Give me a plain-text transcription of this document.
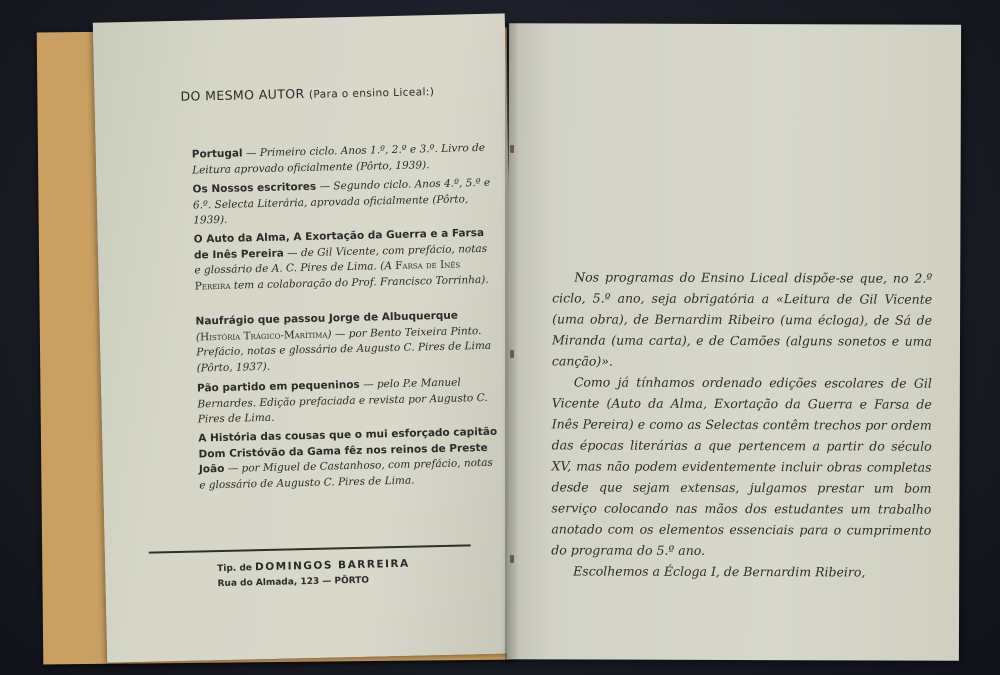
DO MESMO AUTOR (Para o ensino Liceal:)
Portugal — Primeiro ciclo. Anos 1.º, 2.º e 3.º. Livro de Leitura aprovado oficialmente (Pôrto, 1939).
Os Nossos escritores — Segundo ciclo. Anos 4.º, 5.º e 6.º. Selecta Literária, aprovada oficialmente (Pôrto, 1939).
O Auto da Alma, A Exortação da Guerra e a Farsa de Inês Pereira — de Gil Vicente, com prefácio, notas e glossário de A. C. Pires de Lima. (A Farsa de Inês Pereira tem a colaboração do Prof. Francisco Torrinha).
Naufrágio que passou Jorge de Albuquerque (História Trágico-Marítima) — por Bento Teixeira Pinto. Prefácio, notas e glossário de Augusto C. Pires de Lima (Pôrto, 1937).
Pão partido em pequeninos — pelo P.e Manuel Bernardes. Edição prefaciada e revista por Augusto C. Pires de Lima.
A História das cousas que o mui esforçado capitão Dom Cristóvão da Gama fêz nos reinos de Preste João — por Miguel de Castanhoso, com prefácio, notas e glossário de Augusto C. Pires de Lima.
Tip. de DOMINGOS BARREIRA
Rua do Almada, 123 — PÔRTO

Nos programas do Ensino Liceal dispõe-se que, no 2.º ciclo, 5.º ano, seja obrigatória a «Leitura de Gil Vicente (uma obra), de Bernardim Ribeiro (uma écloga), de Sá de Miranda (uma carta), e de Camões (alguns sonetos e uma canção)».

Como já tínhamos ordenado edições escolares de Gil Vicente (Auto da Alma, Exortação da Guerra e Farsa de Inês Pereira) e como as Selectas contêm trechos por ordem das épocas literárias a que pertencem a partir do século XV, mas não podem evidentemente incluir obras completas desde que sejam extensas, julgamos prestar um bom serviço colocando nas mãos dos estudantes um trabalho anotado com os elementos essenciais para o cumprimento do programa do 5.º ano.

Escolhemos a Écloga I, de Bernardim Ribeiro,
